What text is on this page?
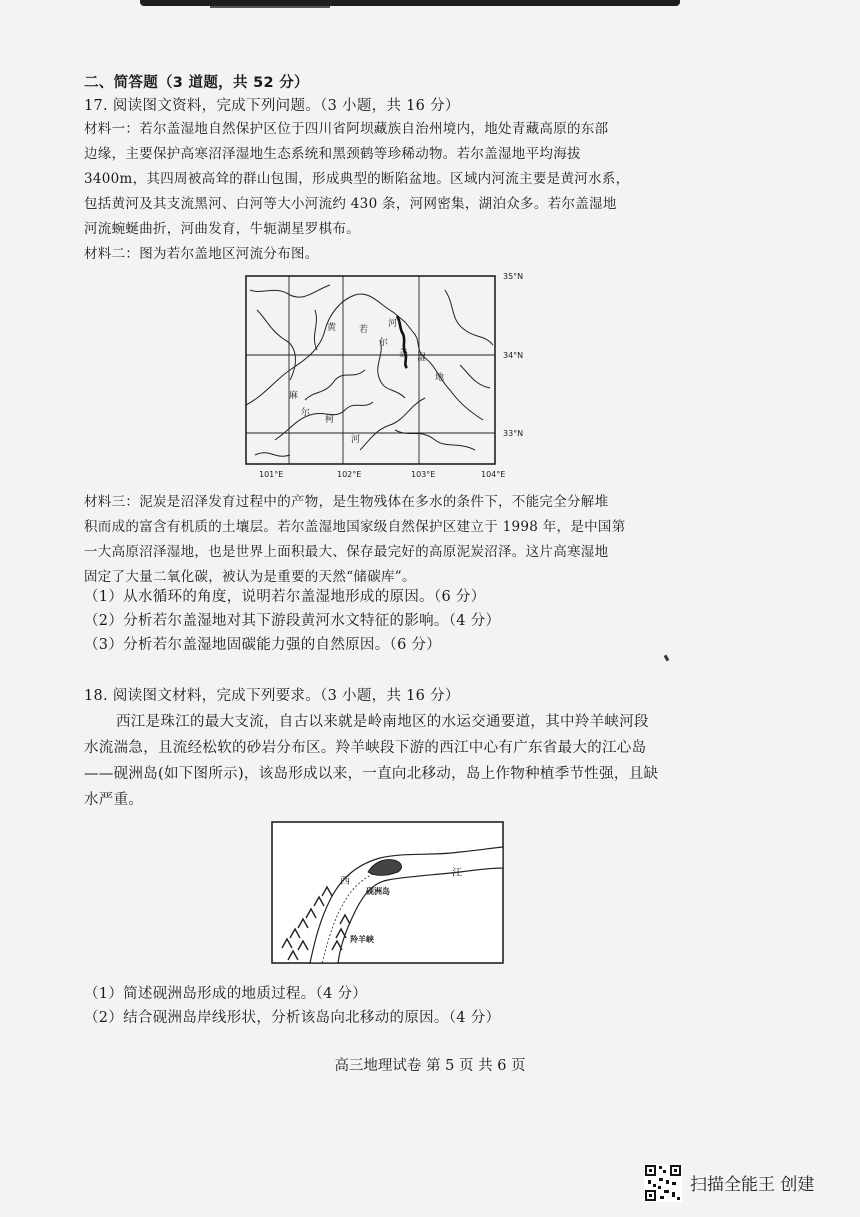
二、简答题（3 道题，共 52 分）
17. 阅读图文资料，完成下列问题。（3 小题，共 16 分）
材料一：若尔盖湿地自然保护区位于四川省阿坝藏族自治州境内，地处青藏高原的东部
边缘，主要保护高寒沼泽湿地生态系统和黑颈鹤等珍稀动物。若尔盖湿地平均海拔
3400m，其四周被高耸的群山包围，形成典型的断陷盆地。区域内河流主要是黄河水系，
包括黄河及其支流黑河、白河等大小河流约 430 条，河网密集，湖泊众多。若尔盖湿地
河流蜿蜒曲折，河曲发育，牛轭湖星罗棋布。
材料二：图为若尔盖地区河流分布图。
黄	若
河
尔
盖 湿
地
麻
尔
柯
河
35°N
34°N
33°N
101°E	102°E	103°E	104°E
材料三：泥炭是沼泽发育过程中的产物，是生物残体在多水的条件下，不能完全分解堆
积而成的富含有机质的土壤层。若尔盖湿地国家级自然保护区建立于 1998 年，是中国第
一大高原沼泽湿地，也是世界上面积最大、保存最完好的高原泥炭沼泽。这片高寒湿地
固定了大量二氧化碳，被认为是重要的天然“储碳库”。
（1）从水循环的角度，说明若尔盖湿地形成的原因。（6 分）
（2）分析若尔盖湿地对其下游段黄河水文特征的影响。（4 分）
（3）分析若尔盖湿地固碳能力强的自然原因。（6 分）
18. 阅读图文材料，完成下列要求。（3 小题，共 16 分）
西江是珠江的最大支流，自古以来就是岭南地区的水运交通要道，其中羚羊峡河段
水流湍急，且流经松软的砂岩分布区。羚羊峡段下游的西江中心有广东省最大的江心岛
——砚洲岛(如下图所示)，该岛形成以来，一直向北移动，岛上作物种植季节性强，且缺
水严重。
西
江
砚洲岛
羚羊峡
（1）简述砚洲岛形成的地质过程。（4 分）
（2）结合砚洲岛岸线形状，分析该岛向北移动的原因。（4 分）
高三地理试卷 第 5 页 共 6 页
扫描全能王 创建
